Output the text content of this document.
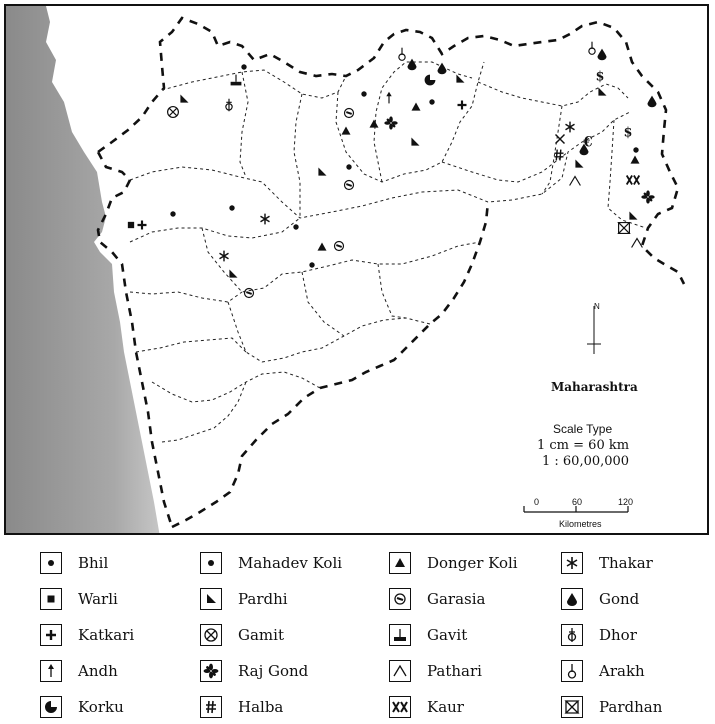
$
€
$
Maharashtra
Scale Type
1 cm = 60 km
1 : 60,00,000
0	60	120
Kilometres
N
Bhil
Warli
Katkari
Andh
Korku
Mahadev Koli
Pardhi
Gamit
Raj Gond
Halba
Donger Koli
Garasia
Gavit
Pathari
Kaur
Thakar
Gond
Dhor
Arakh
Pardhan
